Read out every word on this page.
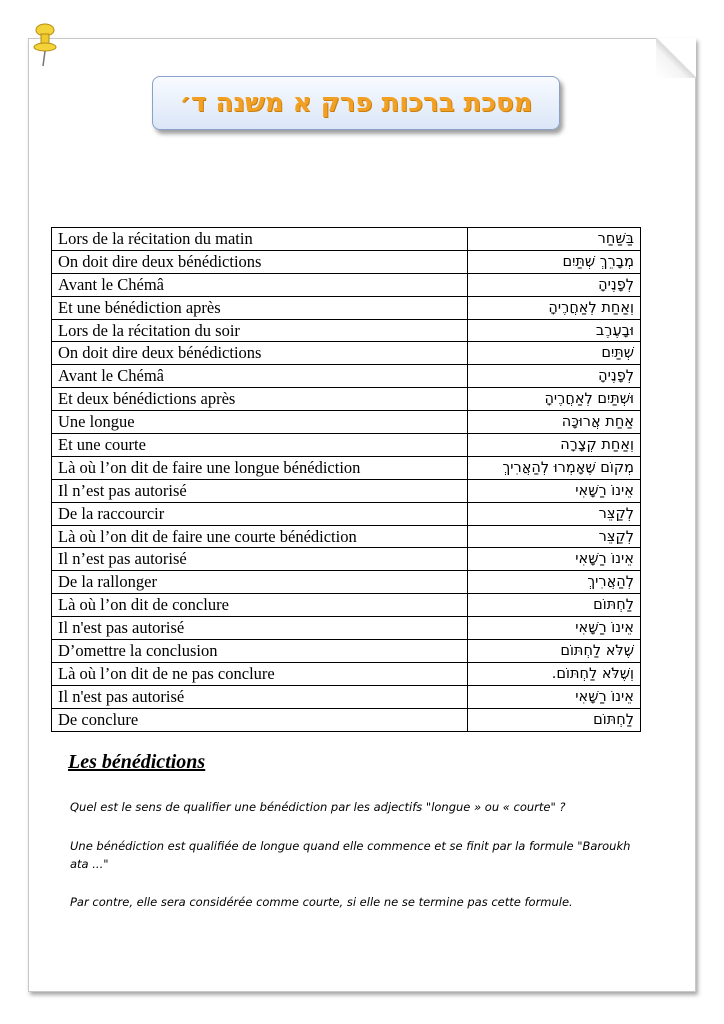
מסכת ברכות פרק א משנה ד׳
Lors de la récitation du matin	בַּשַּׁחַר
On doit dire deux bénédictions	מְבָרֵךְ שְׁתַּיִם
Avant le Chémâ	לְפָנֶיהָ
Et une bénédiction après	וְאַחַת לְאַחֲרֶיהָ
Lors de la récitation du soir	וּבָעֶרֶב
On doit dire deux bénédictions	שְׁתַּיִם
Avant le Chémâ	לְפָנֶיהָ
Et deux bénédictions après	וּשְׁתַּיִם לְאַחֲרֶיהָ
Une longue	אַחַת אֲרוּכָּה
Et une courte	וְאַחַת קְצָרָה
Là où l’on dit de faire une longue bénédiction	מְקוֹם שֶׁאָמְרוּ לְהַאֲרִיךְ
Il n’est pas autorisé	אֵינוֹ רַשָּׁאִי
De la raccourcir	לְקַצֵּר
Là où l’on dit de faire une courte bénédiction	לְקַצֵּר
Il n’est pas autorisé	אֵינוֹ רַשָּׁאִי
De la rallonger	לְהַאֲרִיךְ
Là où l’on dit de conclure	לַחְתּוֹם
Il n'est pas autorisé	אֵינוֹ רַשָּׁאִי
D’omettre la conclusion	שֶׁלֹּא לַחְתּוֹם
Là où l’on dit de ne pas conclure	וְשֶׁלֹּא לַחְתּוֹם.
Il n'est pas autorisé	אֵינוֹ רַשָּׁאִי
De conclure	לַחְתּוֹם
Les bénédictions

Quel est le sens de qualifier une bénédiction par les adjectifs "longue » ou « courte" ?

Une bénédiction est qualifiée de longue quand elle commence et se finit par la formule "Baroukh ata ..."

Par contre, elle sera considérée comme courte, si elle ne se termine pas cette formule.
